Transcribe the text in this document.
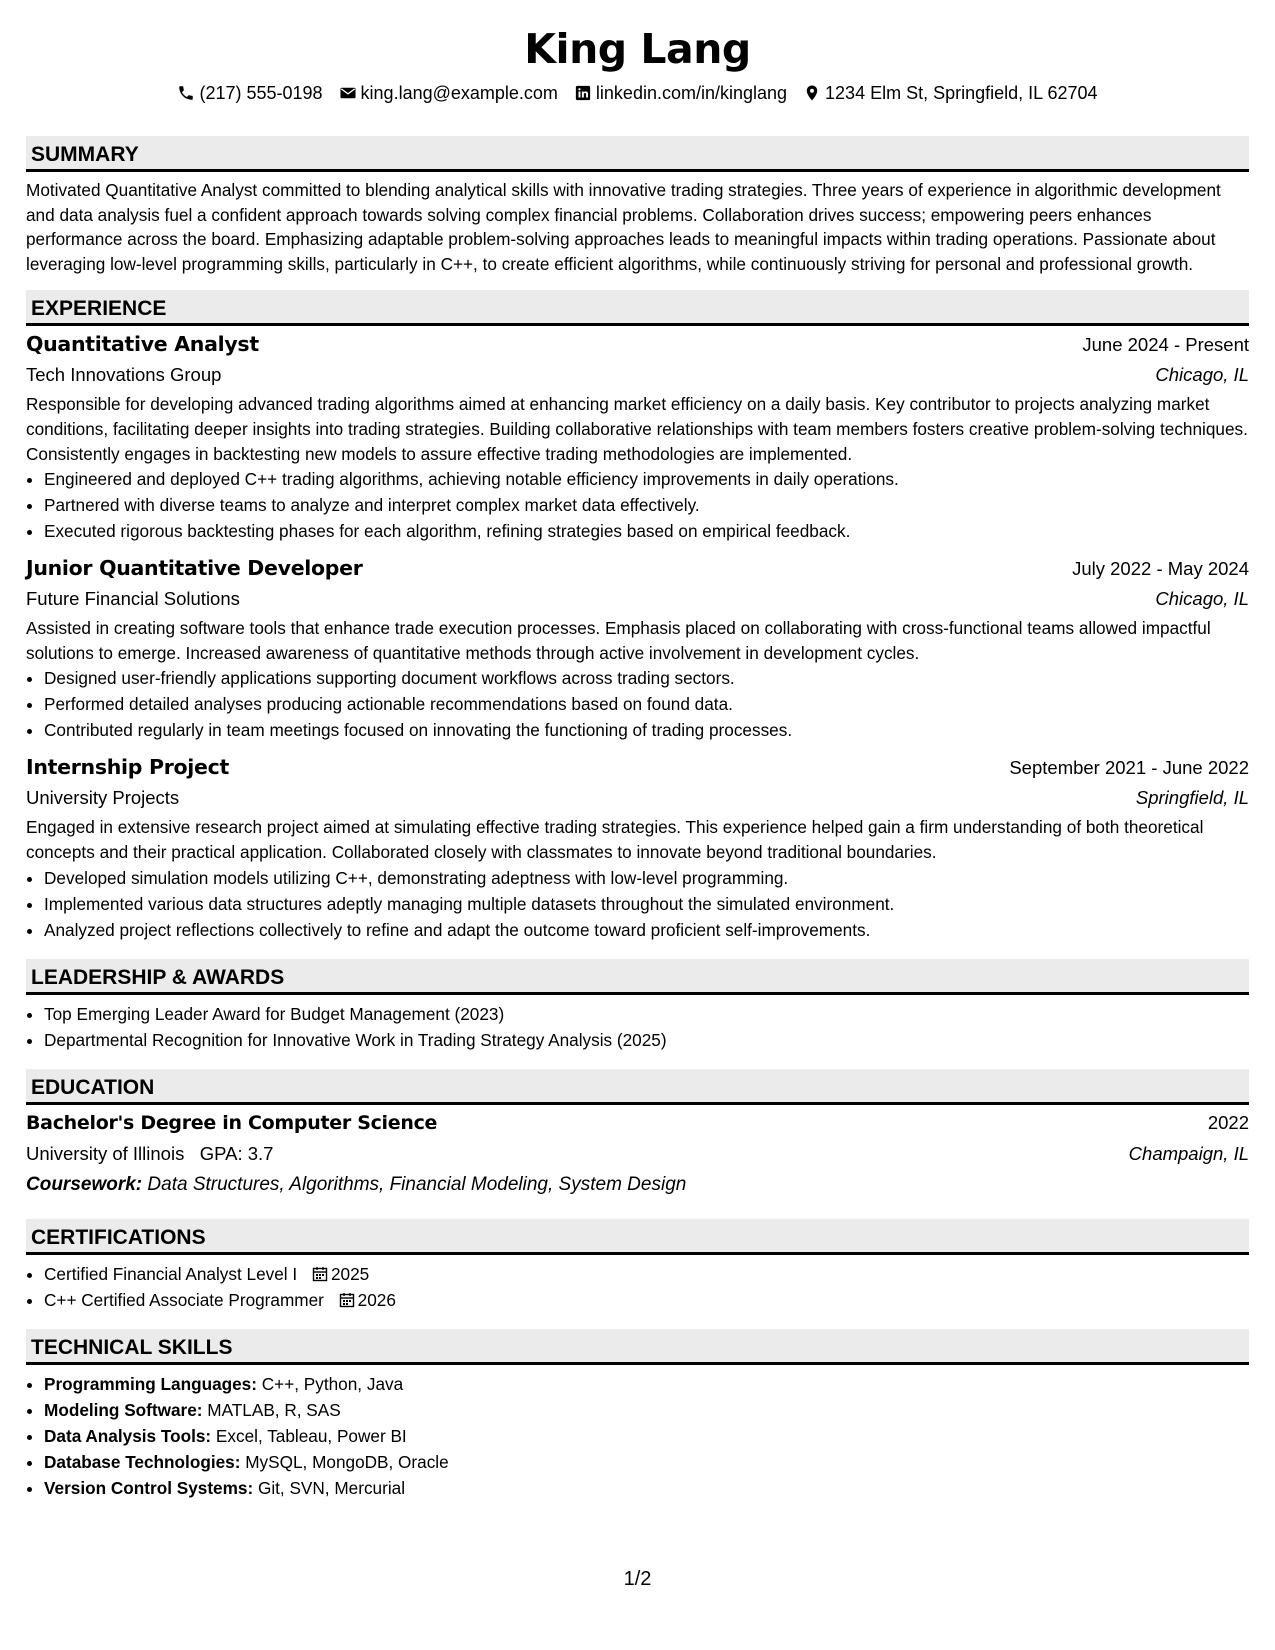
King Lang
(217) 555-0198 king.lang@example.com linkedin.com/in/kinglang 1234 Elm St, Springfield, IL 62704
SUMMARY

Motivated Quantitative Analyst committed to blending analytical skills with innovative trading strategies. Three years of experience in algorithmic development and data analysis fuel a confident approach towards solving complex financial problems. Collaboration drives success; empowering peers enhances performance across the board. Emphasizing adaptable problem-solving approaches leads to meaningful impacts within trading operations. Passionate about leveraging low-level programming skills, particularly in C++, to create efficient algorithms, while continuously striving for personal and professional growth.

EXPERIENCE
Quantitative Analyst	June 2024 - Present
Tech Innovations Group	Chicago, IL

Responsible for developing advanced trading algorithms aimed at enhancing market efficiency on a daily basis. Key contributor to projects analyzing market conditions, facilitating deeper insights into trading strategies. Building collaborative relationships with team members fosters creative problem-solving techniques. Consistently engages in backtesting new models to assure effective trading methodologies are implemented.

• Engineered and deployed C++ trading algorithms, achieving notable efficiency improvements in daily operations.
• Partnered with diverse teams to analyze and interpret complex market data effectively.
• Executed rigorous backtesting phases for each algorithm, refining strategies based on empirical feedback.
Junior Quantitative Developer	July 2022 - May 2024
Future Financial Solutions	Chicago, IL

Assisted in creating software tools that enhance trade execution processes. Emphasis placed on collaborating with cross-functional teams allowed impactful solutions to emerge. Increased awareness of quantitative methods through active involvement in development cycles.

• Designed user-friendly applications supporting document workflows across trading sectors.
• Performed detailed analyses producing actionable recommendations based on found data.
• Contributed regularly in team meetings focused on innovating the functioning of trading processes.
Internship Project	September 2021 - June 2022
University Projects	Springfield, IL

Engaged in extensive research project aimed at simulating effective trading strategies. This experience helped gain a firm understanding of both theoretical concepts and their practical application. Collaborated closely with classmates to innovate beyond traditional boundaries.

• Developed simulation models utilizing C++, demonstrating adeptness with low-level programming.
• Implemented various data structures adeptly managing multiple datasets throughout the simulated environment.
• Analyzed project reflections collectively to refine and adapt the outcome toward proficient self-improvements.
LEADERSHIP & AWARDS
• Top Emerging Leader Award for Budget Management (2023)
• Departmental Recognition for Innovative Work in Trading Strategy Analysis (2025)
EDUCATION
Bachelor's Degree in Computer Science	2022
University of Illinois GPA: 3.7	Champaign, IL
Coursework: Data Structures, Algorithms, Financial Modeling, System Design
CERTIFICATIONS
• Certified Financial Analyst Level I 2025
• C++ Certified Associate Programmer 2026
TECHNICAL SKILLS
• Programming Languages: C++, Python, Java
• Modeling Software: MATLAB, R, SAS
• Data Analysis Tools: Excel, Tableau, Power BI
• Database Technologies: MySQL, MongoDB, Oracle
• Version Control Systems: Git, SVN, Mercurial
1/2
